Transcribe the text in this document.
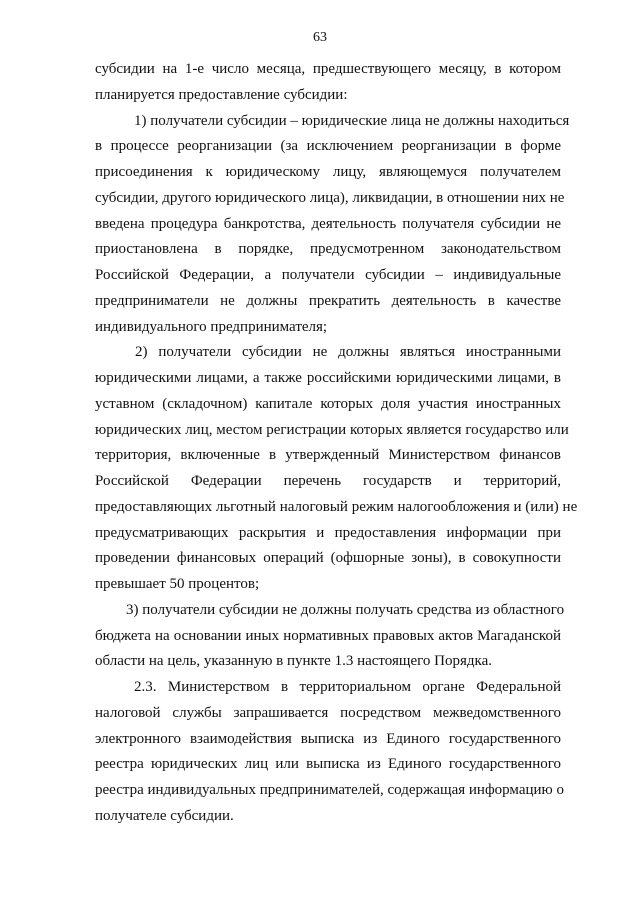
63
субсидии на 1-е число месяца, предшествующего месяцу, в котором
планируется предоставление субсидии:
1) получатели субсидии – юридические лица не должны находиться
в процессе реорганизации (за исключением реорганизации в форме
присоединения к юридическому лицу, являющемуся получателем
субсидии, другого юридического лица), ликвидации, в отношении них не
введена процедура банкротства, деятельность получателя субсидии не
приостановлена в порядке, предусмотренном законодательством
Российской Федерации, а получатели субсидии – индивидуальные
предприниматели не должны прекратить деятельность в качестве
индивидуального предпринимателя;
2) получатели субсидии не должны являться иностранными
юридическими лицами, а также российскими юридическими лицами, в
уставном (складочном) капитале которых доля участия иностранных
юридических лиц, местом регистрации которых является государство или
территория, включенные в утвержденный Министерством финансов
Российской Федерации перечень государств и территорий,
предоставляющих льготный налоговый режим налогообложения и (или) не
предусматривающих раскрытия и предоставления информации при
проведении финансовых операций (офшорные зоны), в совокупности
превышает 50 процентов;
3) получатели субсидии не должны получать средства из областного
бюджета на основании иных нормативных правовых актов Магаданской
области на цель, указанную в пункте 1.3 настоящего Порядка.
2.3. Министерством в территориальном органе Федеральной
налоговой службы запрашивается посредством межведомственного
электронного взаимодействия выписка из Единого государственного
реестра юридических лиц или выписка из Единого государственного
реестра индивидуальных предпринимателей, содержащая информацию о
получателе субсидии.
